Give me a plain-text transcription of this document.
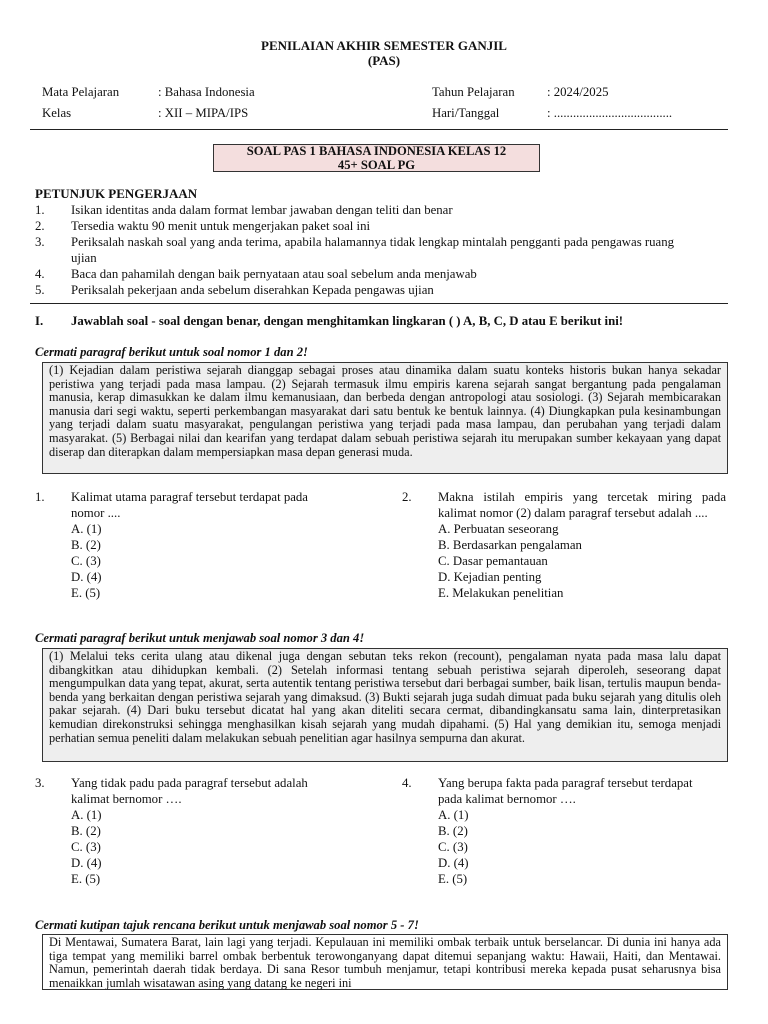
PENILAIAN AKHIR SEMESTER GANJIL
(PAS)
Mata Pelajaran	: Bahasa Indonesia	Tahun Pelajaran	: 2024/2025
Kelas	: XII – MIPA/IPS	Hari/Tanggal	: .....................................
SOAL PAS 1 BAHASA INDONESIA KELAS 12
45+ SOAL PG
PETUNJUK PENGERJAAN
1. Isikan identitas anda dalam format lembar jawaban dengan teliti dan benar
2. Tersedia waktu 90 menit untuk mengerjakan paket soal ini
3. Periksalah naskah soal yang anda terima, apabila halamannya tidak lengkap mintalah pengganti pada pengawas ruang
ujian
4. Baca dan pahamilah dengan baik pernyataan atau soal sebelum anda menjawab
5. Periksalah pekerjaan anda sebelum diserahkan Kepada pengawas ujian
I. Jawablah soal - soal dengan benar, dengan menghitamkan lingkaran ( ) A, B, C, D atau E berikut ini!
Cermati paragraf berikut untuk soal nomor 1 dan 2!
(1) Kejadian dalam peristiwa sejarah dianggap sebagai proses atau dinamika dalam suatu konteks historis bukan hanya sekadar peristiwa yang terjadi pada masa lampau. (2) Sejarah termasuk ilmu empiris karena sejarah sangat bergantung pada pengalaman manusia, kerap dimasukkan ke dalam ilmu kemanusiaan, dan berbeda dengan antropologi atau sosiologi. (3) Sejarah membicarakan manusia dari segi waktu, seperti perkembangan masyarakat dari satu bentuk ke bentuk lainnya. (4) Diungkapkan pula kesinambungan yang terjadi dalam suatu masyarakat, pengulangan peristiwa yang terjadi pada masa lampau, dan perubahan yang terjadi dalam masyarakat. (5) Berbagai nilai dan kearifan yang terdapat dalam sebuah peristiwa sejarah itu merupakan sumber kekayaan yang dapat diserap dan diterapkan dalam mempersiapkan masa depan generasi muda.
1. Kalimat utama paragraf tersebut terdapat pada
nomor ....
A. (1)
B. (2)
C. (3)
D. (4)
E. (5)
2. Makna istilah empiris yang tercetak miring pada kalimat nomor (2) dalam paragraf tersebut adalah ....
A. Perbuatan seseorang
B. Berdasarkan pengalaman
C. Dasar pemantauan
D. Kejadian penting
E. Melakukan penelitian
Cermati paragraf berikut untuk menjawab soal nomor 3 dan 4!
(1) Melalui teks cerita ulang atau dikenal juga dengan sebutan teks rekon (recount), pengalaman nyata pada masa lalu dapat dibangkitkan atau dihidupkan kembali. (2) Setelah informasi tentang sebuah peristiwa sejarah diperoleh, seseorang dapat mengumpulkan data yang tepat, akurat, serta autentik tentang peristiwa tersebut dari berbagai sumber, baik lisan, tertulis maupun benda-benda yang berkaitan dengan peristiwa sejarah yang dimaksud. (3) Bukti sejarah juga sudah dimuat pada buku sejarah yang ditulis oleh pakar sejarah. (4) Dari buku tersebut dicatat hal yang akan diteliti secara cermat, dibandingkansatu sama lain, dinterpretasikan kemudian direkonstruksi sehingga menghasilkan kisah sejarah yang mudah dipahami. (5) Hal yang demikian itu, semoga menjadi perhatian semua peneliti dalam melakukan sebuah penelitian agar hasilnya sempurna dan akurat.
3. Yang tidak padu pada paragraf tersebut adalah
kalimat bernomor ….
A. (1)
B. (2)
C. (3)
D. (4)
E. (5)
4. Yang berupa fakta pada paragraf tersebut terdapat
pada kalimat bernomor ….
A. (1)
B. (2)
C. (3)
D. (4)
E. (5)
Cermati kutipan tajuk rencana berikut untuk menjawab soal nomor 5 - 7!
Di Mentawai, Sumatera Barat, lain lagi yang terjadi. Kepulauan ini memiliki ombak terbaik untuk berselancar. Di dunia ini hanya ada tiga tempat yang memiliki barrel ombak berbentuk terowonganyang dapat ditemui sepanjang waktu: Hawaii, Haiti, dan Mentawai. Namun, pemerintah daerah tidak berdaya. Di sana Resor tumbuh menjamur, tetapi kontribusi mereka kepada pusat seharusnya bisa menaikkan jumlah wisatawan asing yang datang ke negeri ini
